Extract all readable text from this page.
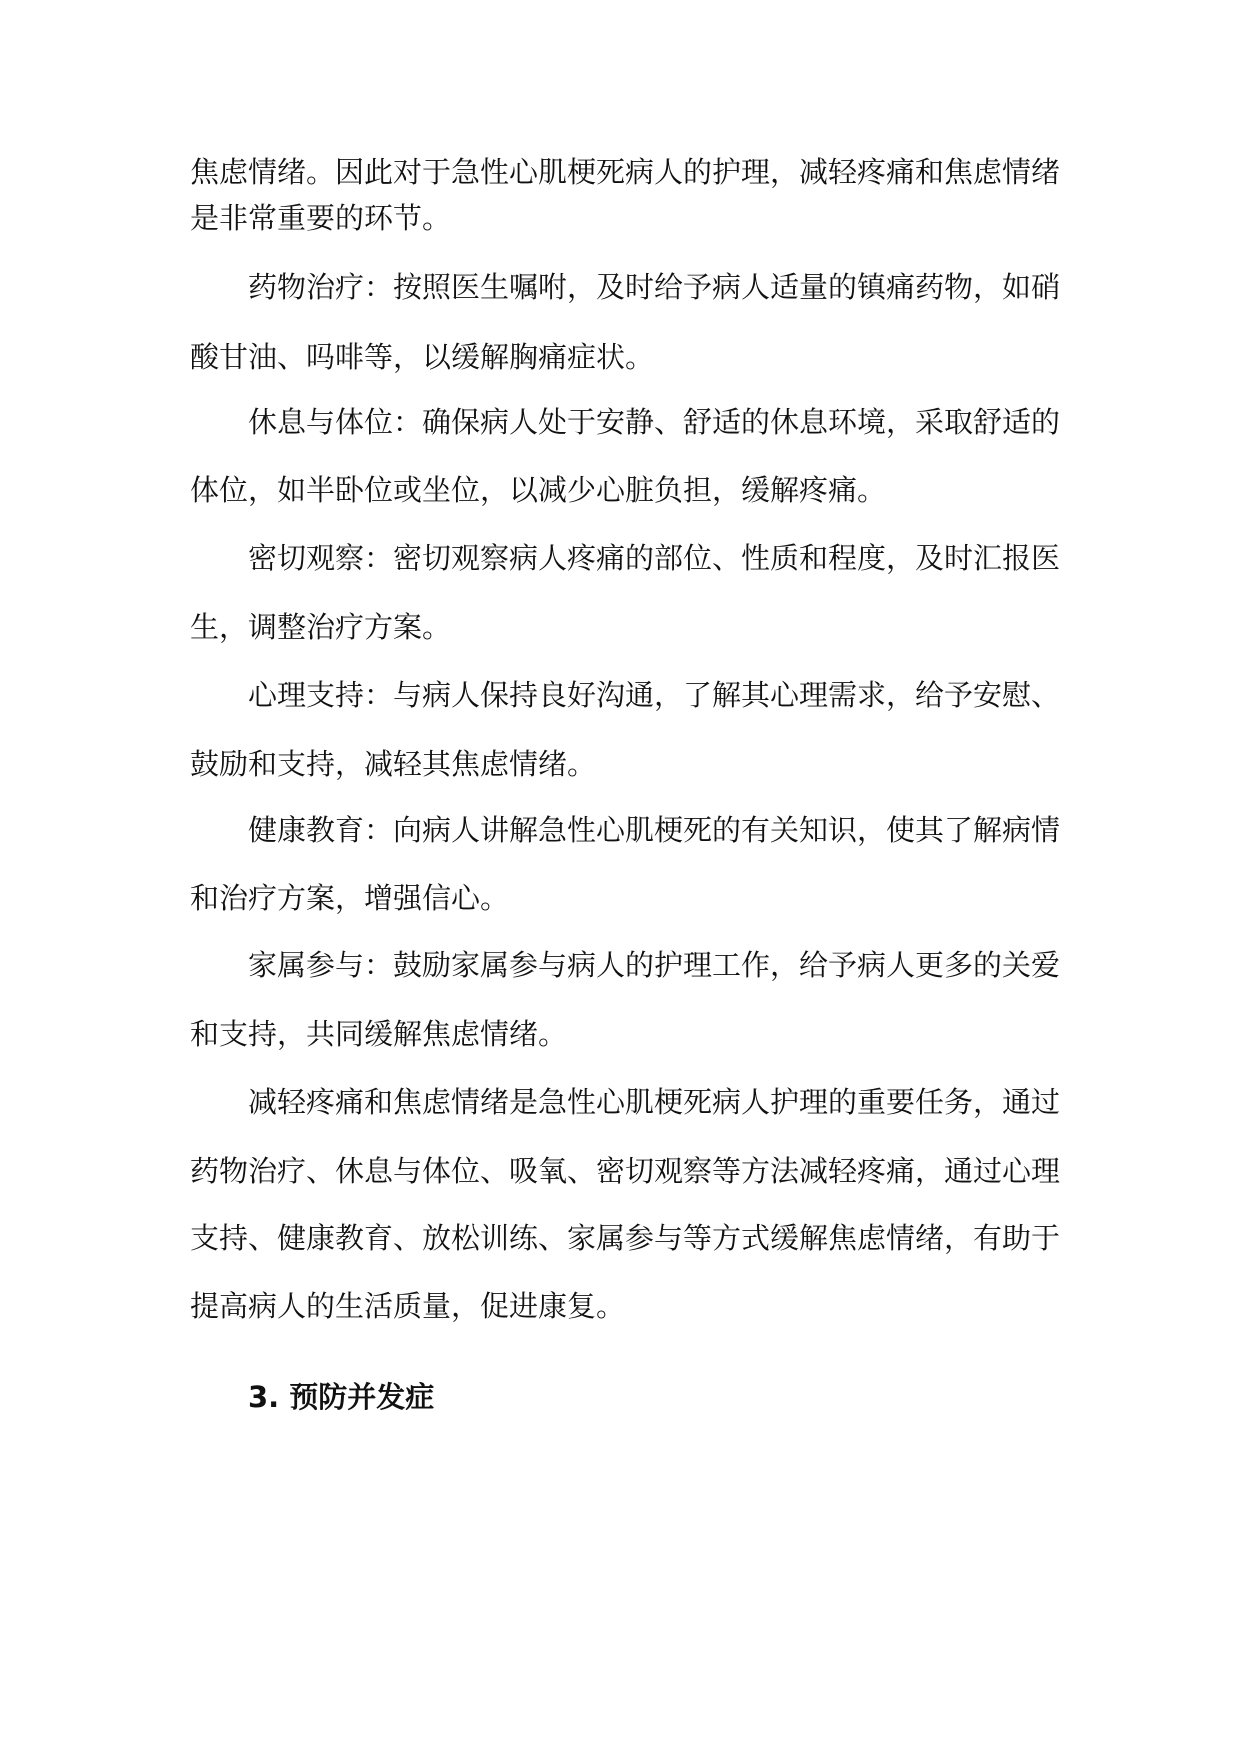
焦虑情绪。因此对于急性心肌梗死病人的护理，减轻疼痛和焦虑情绪
是非常重要的环节。
药物治疗：按照医生嘱咐，及时给予病人适量的镇痛药物，如硝
酸甘油、吗啡等，以缓解胸痛症状。
休息与体位：确保病人处于安静、舒适的休息环境，采取舒适的
体位，如半卧位或坐位，以减少心脏负担，缓解疼痛。
密切观察：密切观察病人疼痛的部位、性质和程度，及时汇报医
生，调整治疗方案。
心理支持：与病人保持良好沟通，了解其心理需求，给予安慰、
鼓励和支持，减轻其焦虑情绪。
健康教育：向病人讲解急性心肌梗死的有关知识，使其了解病情
和治疗方案，增强信心。
家属参与：鼓励家属参与病人的护理工作，给予病人更多的关爱
和支持，共同缓解焦虑情绪。
减轻疼痛和焦虑情绪是急性心肌梗死病人护理的重要任务，通过
药物治疗、休息与体位、吸氧、密切观察等方法减轻疼痛，通过心理
支持、健康教育、放松训练、家属参与等方式缓解焦虑情绪，有助于
提高病人的生活质量，促进康复。
3. 预防并发症
